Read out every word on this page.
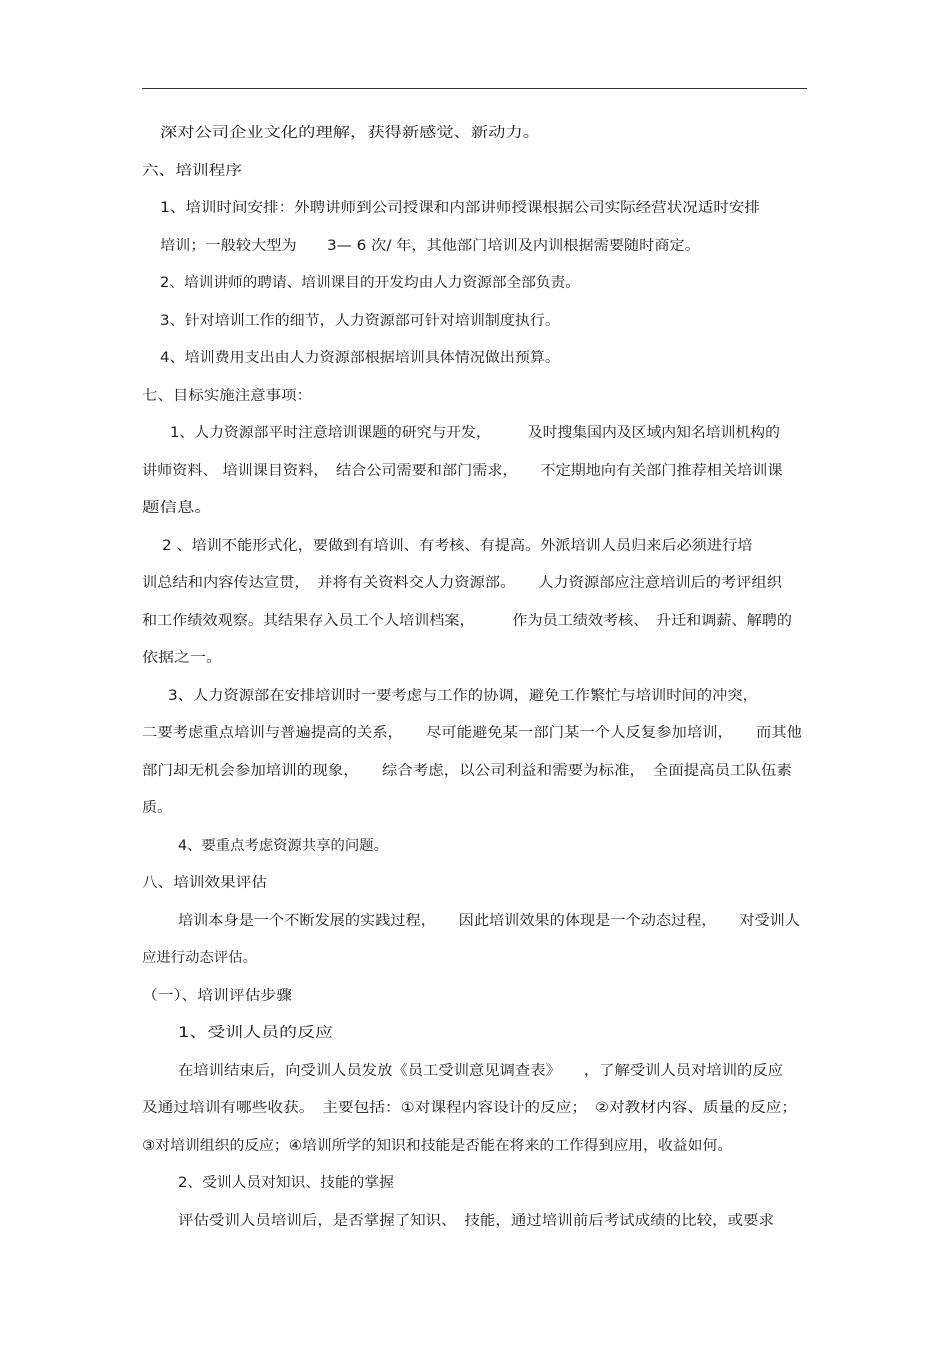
深对公司企业文化的理解，获得新感觉、新动力。
六、培训程序
1、培训时间安排：外聘讲师到公司授课和内部讲师授课根据公司实际经营状况适时安排
培训；一般较大型为　　3— 6 次/ 年，其他部门培训及内训根据需要随时商定。
2、培训讲师的聘请、培训课目的开发均由人力资源部全部负责。
3、针对培训工作的细节，人力资源部可针对培训制度执行。
4、培训费用支出由人力资源部根据培训具体情况做出预算。
七、目标实施注意事项：
1、人力资源部平时注意培训课题的研究与开发，　　　及时搜集国内及区域内知名培训机构的
讲师资料、 培训课目资料，　结合公司需要和部门需求，　　不定期地向有关部门推荐相关培训课
题信息。
2 、培训不能形式化，要做到有培训、有考核、有提高。外派培训人员归来后必须进行培
训总结和内容传达宣贯，　并将有关资料交人力资源部。　　人力资源部应注意培训后的考评组织
和工作绩效观察。其结果存入员工个人培训档案，　　　作为员工绩效考核、　升迁和调薪、解聘的
依据之一。
3、人力资源部在安排培训时一要考虑与工作的协调，避免工作繁忙与培训时间的冲突，
二要考虑重点培训与普遍提高的关系，　　尽可能避免某一部门某一个人反复参加培训，　　而其他
部门却无机会参加培训的现象，　　综合考虑，以公司利益和需要为标准，　全面提高员工队伍素
质。
4、要重点考虑资源共享的问题。
八、培训效果评估
培训本身是一个不断发展的实践过程，　　因此培训效果的体现是一个动态过程，　　对受训人
应进行动态评估。
（一）、培训评估步骤
1、受训人员的反应
在培训结束后，向受训人员发放《员工受训意见调查表》　　，了解受训人员对培训的反应
及通过培训有哪些收获。　主要包括：①对课程内容设计的反应；　②对教材内容、质量的反应；
③对培训组织的反应；④培训所学的知识和技能是否能在将来的工作得到应用，收益如何。
2、受训人员对知识、技能的掌握
评估受训人员培训后，是否掌握了知识、　技能，通过培训前后考试成绩的比较，或要求
